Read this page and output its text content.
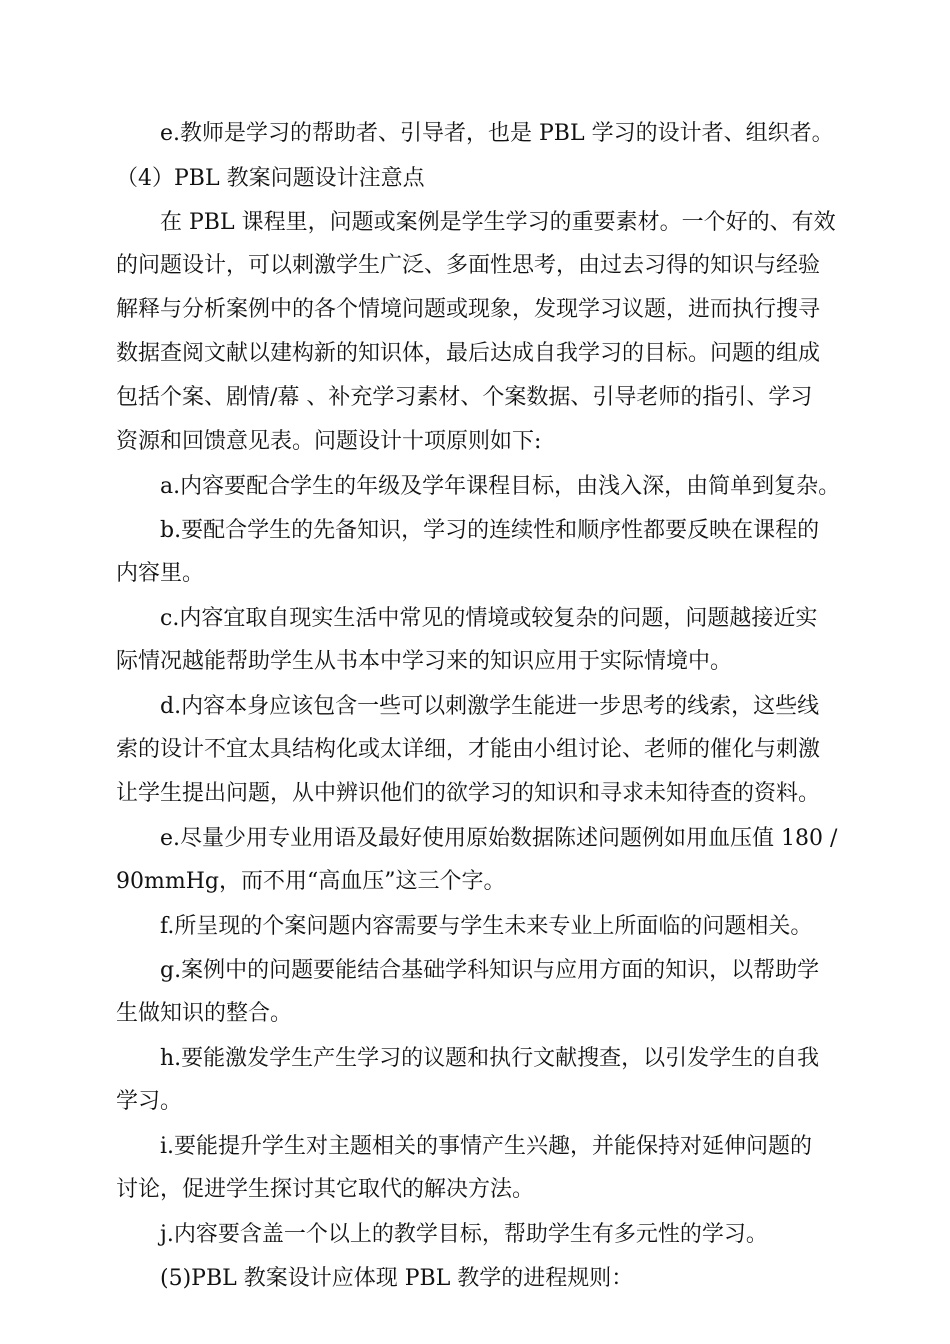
e.教师是学习的帮助者、引导者，也是 PBL 学习的设计者、组织者。
（4）PBL 教案问题设计注意点
在 PBL 课程里，问题或案例是学生学习的重要素材。一个好的、有效
的问题设计，可以刺激学生广泛、多面性思考，由过去习得的知识与经验
解释与分析案例中的各个情境问题或现象，发现学习议题，进而执行搜寻
数据查阅文献以建构新的知识体，最后达成自我学习的目标。问题的组成
包括个案、剧情/幕 、补充学习素材、个案数据、引导老师的指引、学习
资源和回馈意见表。问题设计十项原则如下:
a.内容要配合学生的年级及学年课程目标，由浅入深，由简单到复杂。
b.要配合学生的先备知识，学习的连续性和顺序性都要反映在课程的
内容里。
c.内容宜取自现实生活中常见的情境或较复杂的问题，问题越接近实
际情况越能帮助学生从书本中学习来的知识应用于实际情境中。
d.内容本身应该包含一些可以刺激学生能进一步思考的线索，这些线
索的设计不宜太具结构化或太详细，才能由小组讨论、老师的催化与刺激
让学生提出问题，从中辨识他们的欲学习的知识和寻求未知待查的资料。
e.尽量少用专业用语及最好使用原始数据陈述问题例如用血压值 180 /
90mmHg，而不用“高血压”这三个字。
f.所呈现的个案问题内容需要与学生未来专业上所面临的问题相关。
g.案例中的问题要能结合基础学科知识与应用方面的知识，以帮助学
生做知识的整合。
h.要能激发学生产生学习的议题和执行文献搜查，以引发学生的自我
学习。
i.要能提升学生对主题相关的事情产生兴趣，并能保持对延伸问题的
讨论，促进学生探讨其它取代的解决方法。
j.内容要含盖一个以上的教学目标，帮助学生有多元性的学习。
(5)PBL 教案设计应体现 PBL 教学的进程规则：
